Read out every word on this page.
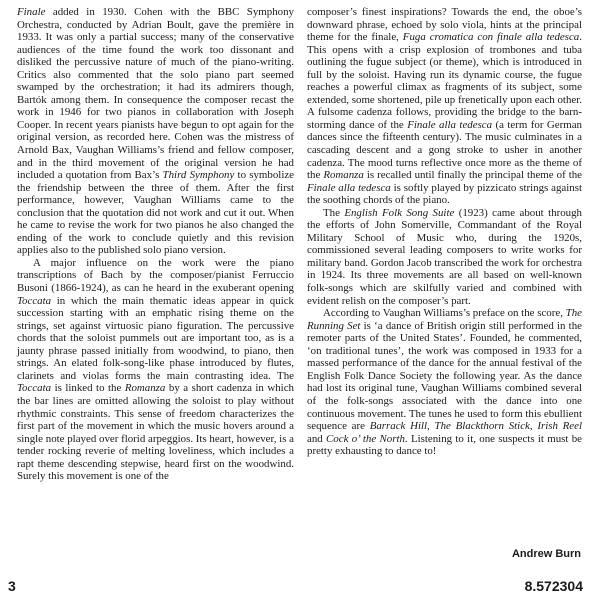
Finale added in 1930. Cohen with the BBC Symphony Orchestra, conducted by Adrian Boult, gave the première in 1933. It was only a partial success; many of the conservative audiences of the time found the work too dissonant and disliked the percussive nature of much of the piano-writing. Critics also commented that the solo piano part seemed swamped by the orchestration; it had its admirers though, Bartók among them. In consequence the composer recast the work in 1946 for two pianos in collaboration with Joseph Cooper. In recent years pianists have begun to opt again for the original version, as recorded here. Cohen was the mistress of Arnold Bax, Vaughan Williams’s friend and fellow composer, and in the third movement of the original version he had included a quotation from Bax’s Third Symphony to symbolize the friendship between the three of them. After the first performance, however, Vaughan Williams came to the conclusion that the quotation did not work and cut it out. When he came to revise the work for two pianos he also changed the ending of the work to conclude quietly and this revision applies also to the published solo piano version.

A major influence on the work were the piano transcriptions of Bach by the composer/pianist Ferruccio Busoni (1866-1924), as can he heard in the exuberant opening Toccata in which the main thematic ideas appear in quick succession starting with an emphatic rising theme on the strings, set against virtuosic piano figuration. The percussive chords that the soloist pummels out are important too, as is a jaunty phrase passed initially from woodwind, to piano, then strings. An elated folk-song-like phase introduced by flutes, clarinets and violas forms the main contrasting idea. The Toccata is linked to the Romanza by a short cadenza in which the bar lines are omitted allowing the soloist to play without rhythmic constraints. This sense of freedom characterizes the first part of the movement in which the music hovers around a single note played over florid arpeggios. Its heart, however, is a tender rocking reverie of melting loveliness, which includes a rapt theme descending stepwise, heard first on the woodwind. Surely this movement is one of the

composer’s finest inspirations? Towards the end, the oboe’s downward phrase, echoed by solo viola, hints at the principal theme for the finale, Fuga cromatica con finale alla tedesca. This opens with a crisp explosion of trombones and tuba outlining the fugue subject (or theme), which is introduced in full by the soloist. Having run its dynamic course, the fugue reaches a powerful climax as fragments of its subject, some extended, some shortened, pile up frenetically upon each other. A fulsome cadenza follows, providing the bridge to the barn-storming dance of the Finale alla tedesca (a term for German dances since the fifteenth century). The music culminates in a cascading descent and a gong stroke to usher in another cadenza. The mood turns reflective once more as the theme of the Romanza is recalled until finally the principal theme of the Finale alla tedesca is softly played by pizzicato strings against the soothing chords of the piano.

The English Folk Song Suite (1923) came about through the efforts of John Somerville, Commandant of the Royal Military School of Music who, during the 1920s, commissioned several leading composers to write works for military band. Gordon Jacob transcribed the work for orchestra in 1924. Its three movements are all based on well-known folk-songs which are skilfully varied and combined with evident relish on the composer’s part.

According to Vaughan Williams’s preface on the score, The Running Set is ‘a dance of British origin still performed in the remoter parts of the United States’. Founded, he commented, ‘on traditional tunes’, the work was composed in 1933 for a massed performance of the dance for the annual festival of the English Folk Dance Society the following year. As the dance had lost its original tune, Vaughan Williams combined several of the folk-songs associated with the dance into one continuous movement. The tunes he used to form this ebullient sequence are Barrack Hill, The Blackthorn Stick, Irish Reel and Cock o’ the North. Listening to it, one suspects it must be pretty exhausting to dance to!

Andrew Burn
3	8.572304
